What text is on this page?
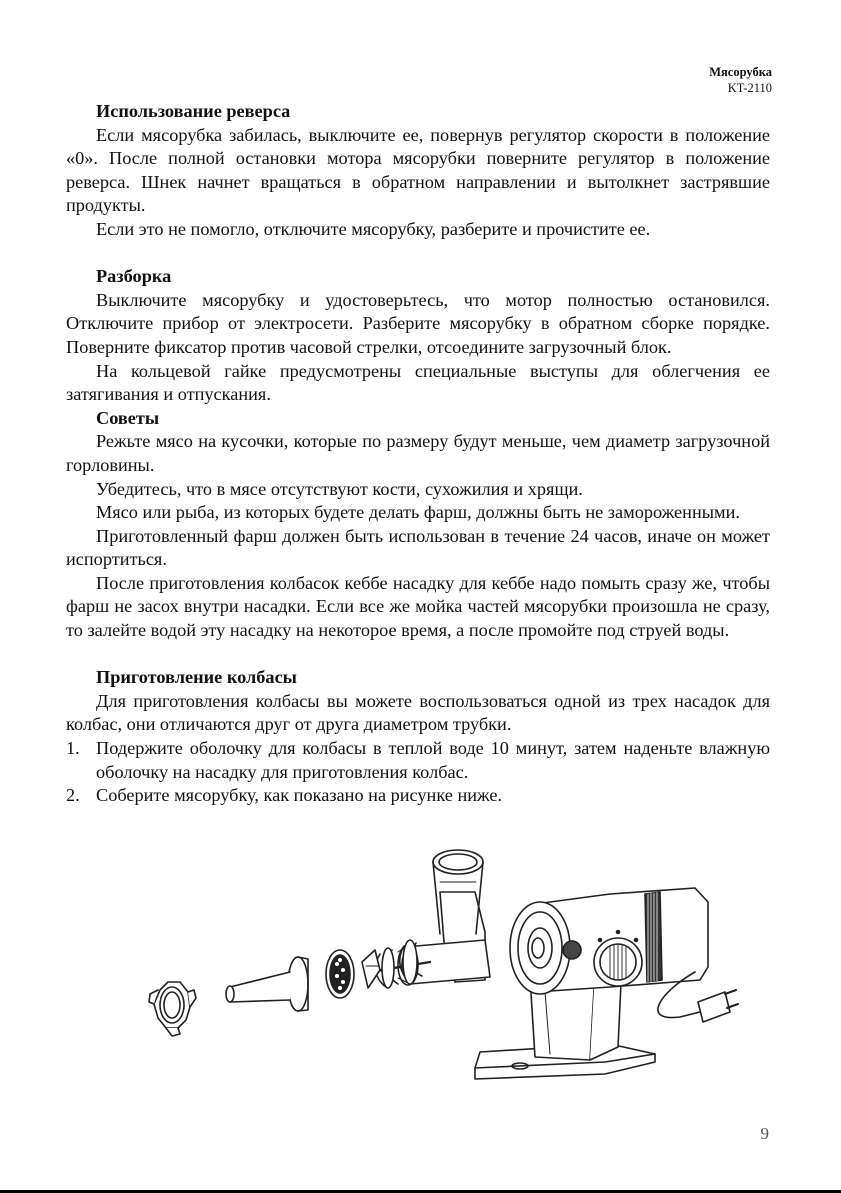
Мясорубка
KT-2110
Использование реверса

Если мясорубка забилась, выключите ее, повернув регулятор скорости в положение «0». После полной остановки мотора мясорубки поверните регулятор в положение реверса. Шнек начнет вращаться в обратном направлении и вытолкнет застрявшие продукты.

Если это не помогло, отключите мясорубку, разберите и прочистите ее.

Разборка

Выключите мясорубку и удостоверьтесь, что мотор полностью остановился. Отключите прибор от электросети. Разберите мясорубку в обратном сборке порядке. Поверните фиксатор против часовой стрелки, отсоедините загрузочный блок.

На кольцевой гайке предусмотрены специальные выступы для облегчения ее затягивания и отпускания.

Советы

Режьте мясо на кусочки, которые по размеру будут меньше, чем диаметр загрузочной горловины.

Убедитесь, что в мясе отсутствуют кости, сухожилия и хрящи.

Мясо или рыба, из которых будете делать фарш, должны быть не замороженными.

Приготовленный фарш должен быть использован в течение 24 часов, иначе он может испортиться.

После приготовления колбасок кеббе насадку для кеббе надо помыть сразу же, чтобы фарш не засох внутри насадки. Если все же мойка частей мясорубки произошла не сразу, то залейте водой эту насадку на некоторое время, а после промойте под струей воды.

Приготовление колбасы

Для приготовления колбасы вы можете воспользоваться одной из трех насадок для колбас, они отличаются друг от друга диаметром трубки.

1. Подержите оболочку для колбасы в теплой воде 10 минут, затем наденьте влажную оболочку на насадку для приготовления колбас.
2. Соберите мясорубку, как показано на рисунке ниже.
9
